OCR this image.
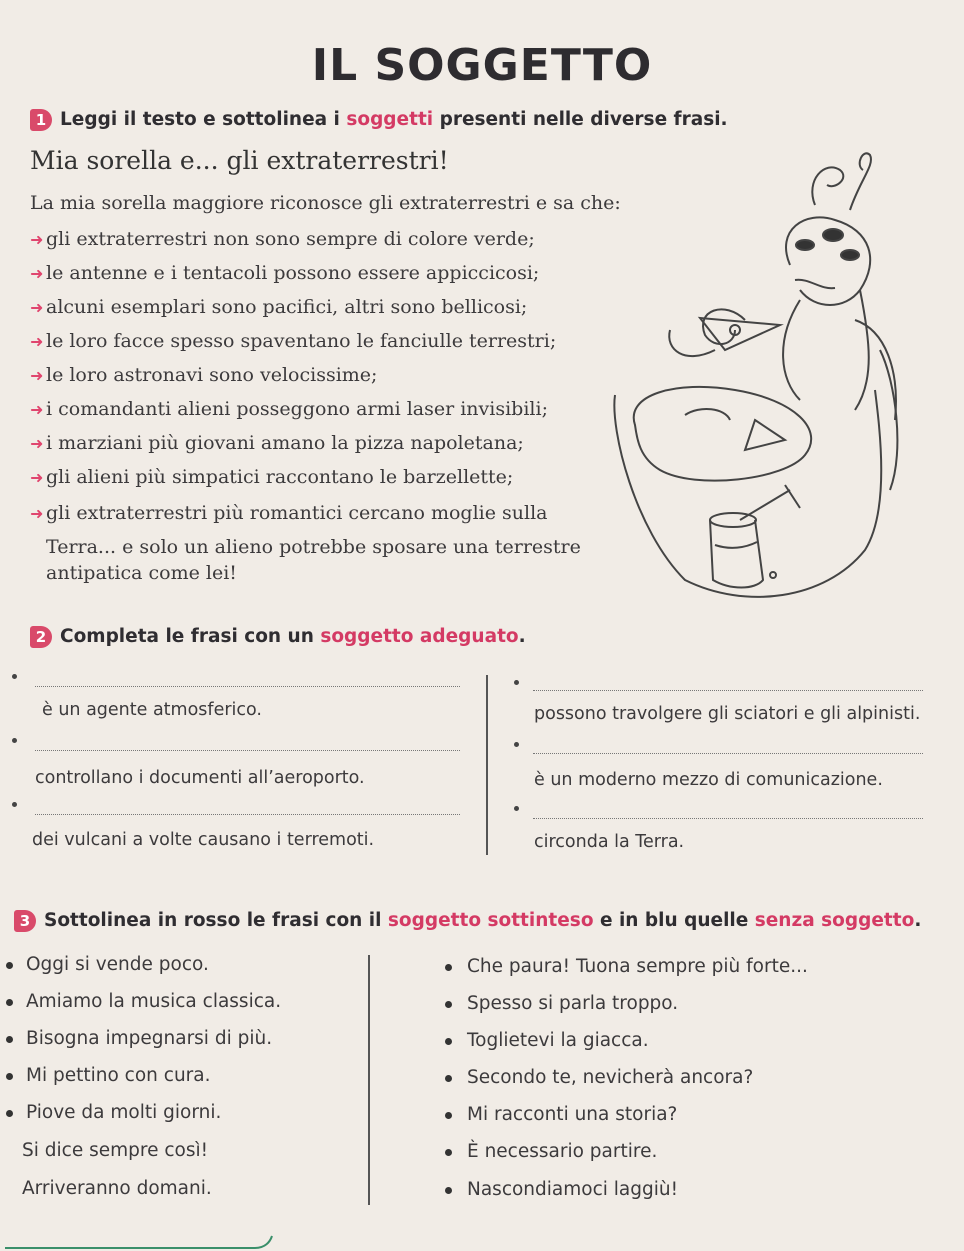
IL SOGGETTO
1 Leggi il testo e sottolinea i soggetti presenti nelle diverse frasi.
Mia sorella e... gli extraterrestri!
La mia sorella maggiore riconosce gli extraterrestri e sa che:
➜ gli extraterrestri non sono sempre di colore verde;
➜ le antenne e i tentacoli possono essere appiccicosi;
➜ alcuni esemplari sono pacifici, altri sono bellicosi;
➜ le loro facce spesso spaventano le fanciulle terrestri;
➜ le loro astronavi sono velocissime;
➜ i comandanti alieni posseggono armi laser invisibili;
➜ i marziani più giovani amano la pizza napoletana;
➜ gli alieni più simpatici raccontano le barzellette;
➜ gli extraterrestri più romantici cercano moglie sulla
Terra... e solo un alieno potrebbe sposare una terrestre
antipatica come lei!
2 Completa le frasi con un soggetto adeguato.
è un agente atmosferico.
controllano i documenti all’aeroporto.
dei vulcani a volte causano i terremoti.
possono travolgere gli sciatori e gli alpinisti.
è un moderno mezzo di comunicazione.
circonda la Terra.
3 Sottolinea in rosso le frasi con il soggetto sottinteso e in blu quelle senza soggetto.
Oggi si vende poco.
Amiamo la musica classica.
Bisogna impegnarsi di più.
Mi pettino con cura.
Piove da molti giorni.
Si dice sempre così!
Arriveranno domani.
Che paura! Tuona sempre più forte...
Spesso si parla troppo.
Toglietevi la giacca.
Secondo te, nevicherà ancora?
Mi racconti una storia?
È necessario partire.
Nascondiamoci laggiù!
